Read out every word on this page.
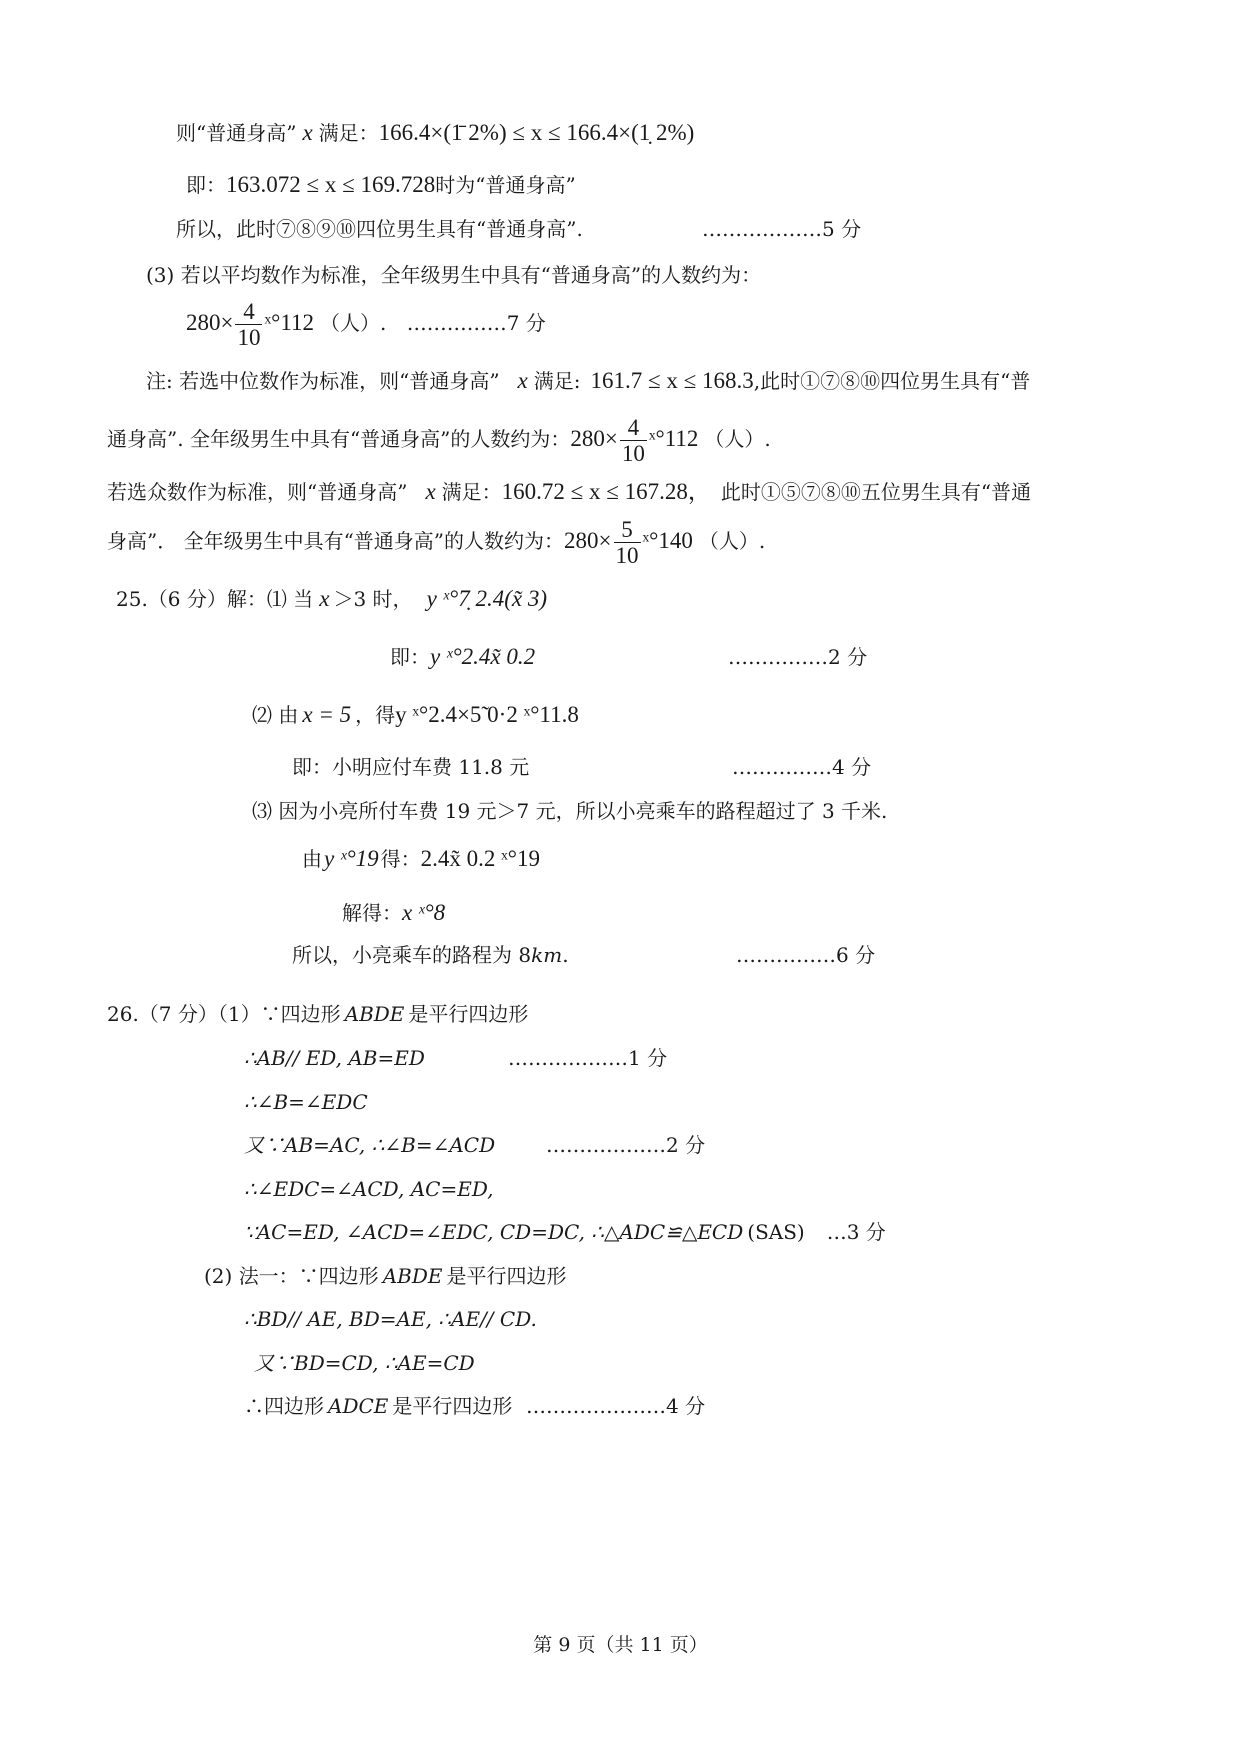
则“普通身高” x 满足：166.4×(1̄ 2%) ≤ x ≤ 166.4×(1̣ 2%)
即：163.072 ≤ x ≤ 169.728时为“普通身高”
所以，此时⑦⑧⑨⑩四位男生具有“普通身高”.	………………5 分
(3) 若以平均数作为标准，全年级男生中具有“普通身高”的人数约为：
$280\times \frac{4}{10}$ ˣ°112 （人）. ……………7 分
注: 若选中位数作为标准，则“普通身高” x 满足: 161.7 ≤ x ≤ 168.3,此时①⑦⑧⑩四位男生具有“普
通身高”. 全年级男生中具有“普通身高”的人数约为：$280\times \frac{4}{10}$ ˣ°112 （人）.
若选众数作为标准，则“普通身高” x 满足：160.72 ≤ x ≤ 167.28， 此时①⑤⑦⑧⑩五位男生具有“普通
身高”． 全年级男生中具有“普通身高”的人数约为：$280\times \frac{5}{10}$ ˣ°140 （人）.
25.（6 分）解：⑴ 当 x ＞3 时， y ˣ°7̣ 2.4(x̃ 3)
即：y ˣ°2.4x̃ 0.2	……………2 分
⑵ 由 x = 5 ，得y ˣ°2.4×5̃ 0·2 ˣ°11.8
即：小明应付车费 11.8 元	……………4 分
⑶ 因为小亮所付车费 19 元＞7 元，所以小亮乘车的路程超过了 3 千米.
由y ˣ°19 得：2.4x̃ 0.2 ˣ°19
解得：x ˣ°8
所以，小亮乘车的路程为 8km.	……………6 分
26.（7 分）（1）∵四边形 ABDE 是平行四边形
∴AB// ED, AB=ED	………………1 分
∴∠B=∠EDC
又∵AB=AC, ∴∠B=∠ACD	………………2 分
∴∠EDC=∠ACD, AC=ED,
∵AC=ED, ∠ACD=∠EDC, CD=DC, ∴△ADC≌△ECD (SAS) …3 分
(2) 法一：∵四边形 ABDE 是平行四边形
∴BD// AE, BD=AE, ∴AE// CD.
又∵BD=CD, ∴AE=CD
∴四边形 ADCE 是平行四边形 …………………4 分
第 9 页（共 11 页）
